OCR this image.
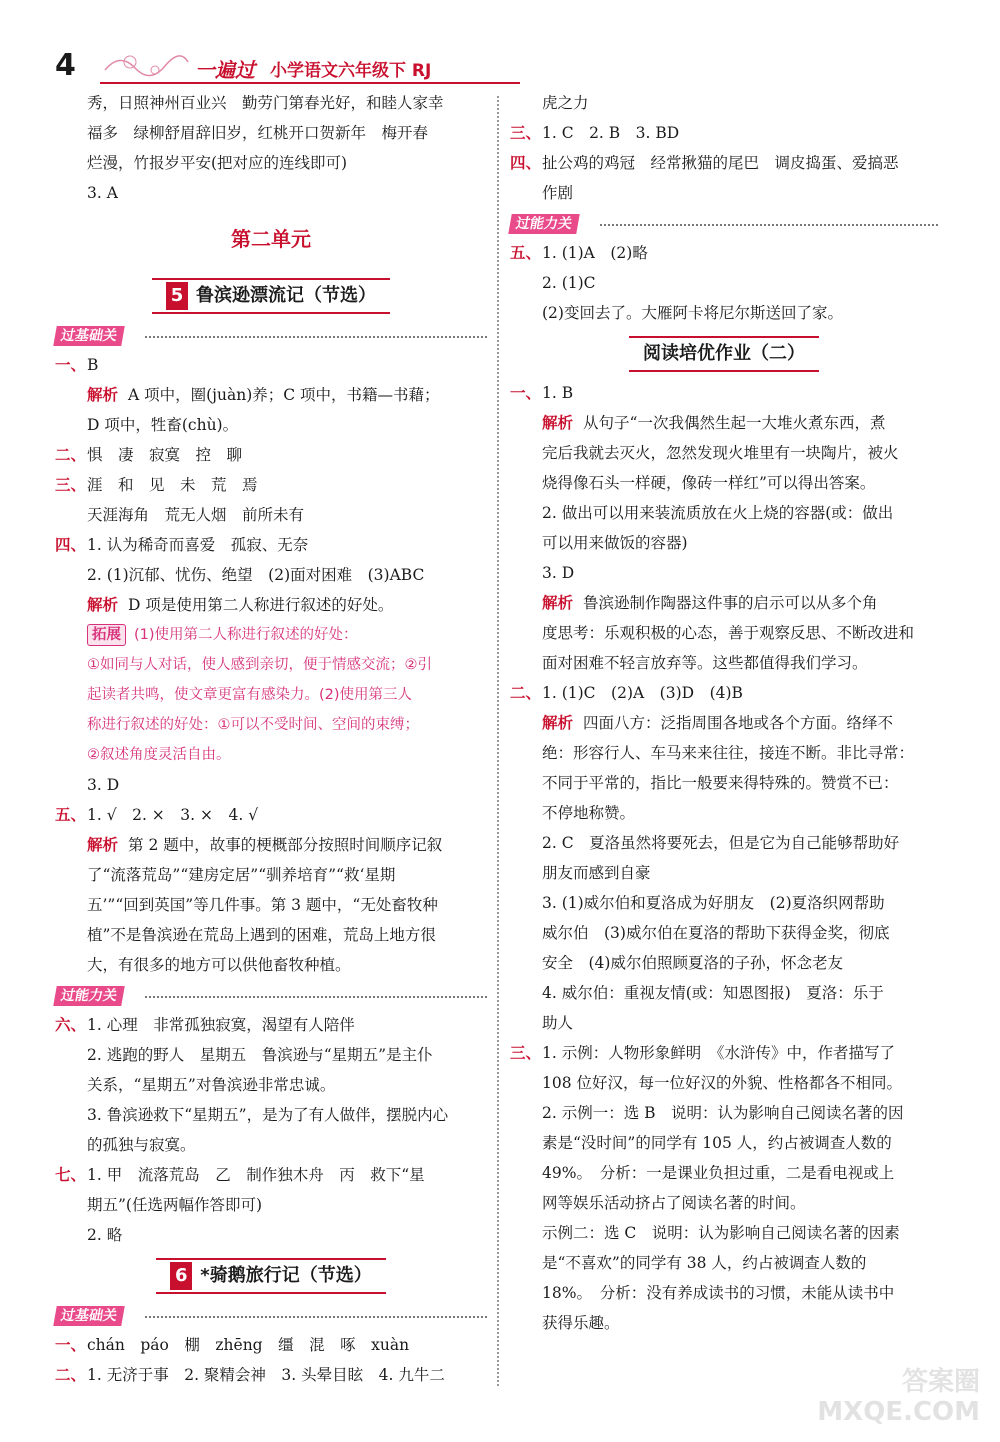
4	一遍过 小学语文六年级下 RJ
秀，日照神州百业兴　勤劳门第春光好，和睦人家幸
福多　绿柳舒眉辞旧岁，红桃开口贺新年　梅开春
烂漫，竹报岁平安(把对应的连线即可)
3. A
第二单元
5 鲁滨逊漂流记（节选）
过基础关
一、B
解析 A 项中，圈(juàn)养；C 项中，书籍—书藉；
D 项中，牲畜(chù)。
二、惧　凄　寂寞　控　聊
三、涯　和　见　未　荒　焉
天涯海角　荒无人烟　前所未有
四、1. 认为稀奇而喜爱　孤寂、无奈
2. (1)沉郁、忧伤、绝望　(2)面对困难　(3)ABC
解析 D 项是使用第二人称进行叙述的好处。
拓展 (1)使用第二人称进行叙述的好处：
①如同与人对话，使人感到亲切，便于情感交流；②引
起读者共鸣，使文章更富有感染力。(2)使用第三人
称进行叙述的好处：①可以不受时间、空间的束缚；
②叙述角度灵活自由。
3. D
五、1. √　2. ×　3. ×　4. √
解析 第 2 题中，故事的梗概部分按照时间顺序记叙
了“流落荒岛”“建房定居”“驯养培育”“救‘星期
五’”“回到英国”等几件事。第 3 题中，“无处畜牧种
植”不是鲁滨逊在荒岛上遇到的困难，荒岛上地方很
大，有很多的地方可以供他畜牧种植。
过能力关
六、1. 心理　非常孤独寂寞，渴望有人陪伴
2. 逃跑的野人　星期五　鲁滨逊与“星期五”是主仆
关系，“星期五”对鲁滨逊非常忠诚。
3. 鲁滨逊救下“星期五”，是为了有人做伴，摆脱内心
的孤独与寂寞。
七、1. 甲　流落荒岛　乙　制作独木舟　丙　救下“星
期五”(任选两幅作答即可)
2. 略
6 *骑鹅旅行记（节选）
过基础关
一、chán　páo　棚　zhēng　缰　混　啄　xuàn
二、1. 无济于事　2. 聚精会神　3. 头晕目眩　4. 九牛二
虎之力
三、1. C　2. B　3. BD
四、扯公鸡的鸡冠　经常揪猫的尾巴　调皮捣蛋、爱搞恶
作剧
过能力关
五、1. (1)A　(2)略
2. (1)C
(2)变回去了。大雁阿卡将尼尔斯送回了家。
阅读培优作业（二）
一、1. B
解析 从句子“一次我偶然生起一大堆火煮东西，煮
完后我就去灭火，忽然发现火堆里有一块陶片，被火
烧得像石头一样硬，像砖一样红”可以得出答案。
2. 做出可以用来装流质放在火上烧的容器(或：做出
可以用来做饭的容器)
3. D
解析 鲁滨逊制作陶器这件事的启示可以从多个角
度思考：乐观积极的心态，善于观察反思、不断改进和
面对困难不轻言放弃等。这些都值得我们学习。
二、1. (1)C　(2)A　(3)D　(4)B
解析 四面八方：泛指周围各地或各个方面。络绎不
绝：形容行人、车马来来往往，接连不断。非比寻常：
不同于平常的，指比一般要来得特殊的。赞赏不已：
不停地称赞。
2. C　夏洛虽然将要死去，但是它为自己能够帮助好
朋友而感到自豪
3. (1)威尔伯和夏洛成为好朋友　(2)夏洛织网帮助
威尔伯　(3)威尔伯在夏洛的帮助下获得金奖，彻底
安全　(4)威尔伯照顾夏洛的子孙，怀念老友
4. 威尔伯：重视友情(或：知恩图报)　夏洛：乐于
助人
三、1. 示例：人物形象鲜明　《水浒传》中，作者描写了
108 位好汉，每一位好汉的外貌、性格都各不相同。
2. 示例一：选 B　说明：认为影响自己阅读名著的因
素是“没时间”的同学有 105 人，约占被调查人数的
49%。　分析：一是课业负担过重，二是看电视或上
网等娱乐活动挤占了阅读名著的时间。
示例二：选 C　说明：认为影响自己阅读名著的因素
是“不喜欢”的同学有 38 人，约占被调查人数的
18%。　分析：没有养成读书的习惯，未能从读书中
获得乐趣。
答案圈
MXQE.COM
